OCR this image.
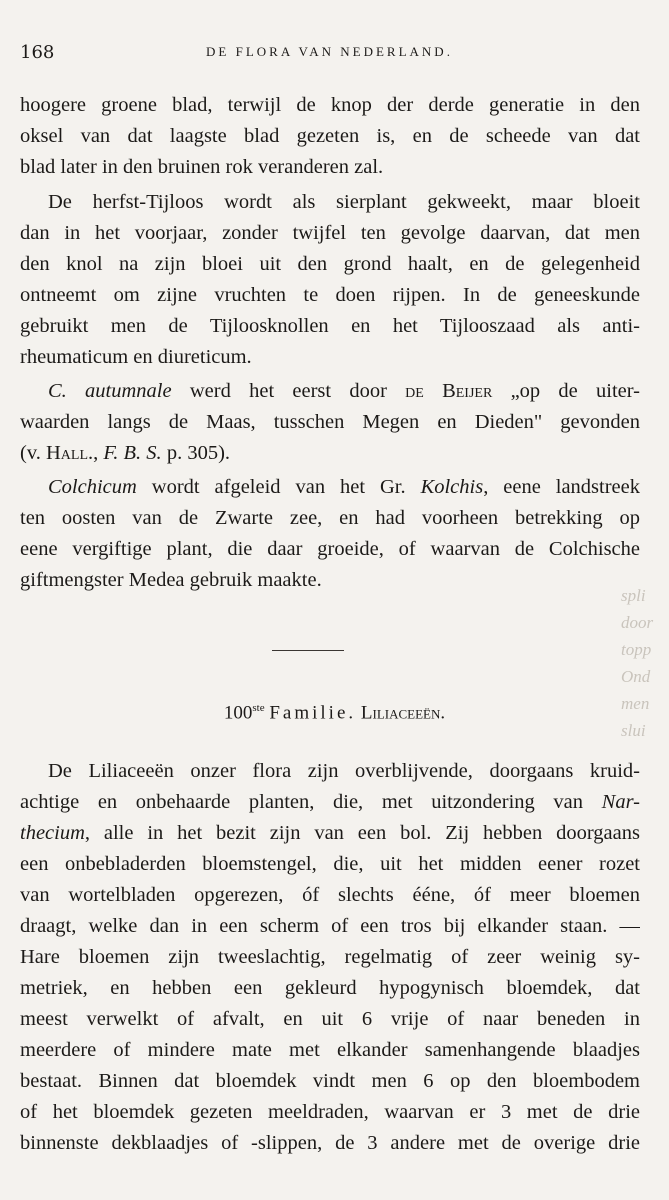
168	DE FLORA VAN NEDERLAND.
hoogere groene blad, terwijl de knop der derde generatie in den
oksel van dat laagste blad gezeten is, en de scheede van dat
blad later in den bruinen rok veranderen zal.
De herfst-Tijloos wordt als sierplant gekweekt, maar bloeit
dan in het voorjaar, zonder twijfel ten gevolge daarvan, dat men
den knol na zijn bloei uit den grond haalt, en de gelegenheid
ontneemt om zijne vruchten te doen rijpen. In de geneeskunde
gebruikt men de Tijloosknollen en het Tijlooszaad als anti-
rheumaticum en diureticum.
C. autumnale werd het eerst door de Beijer „op de uiter-
waarden langs de Maas, tusschen Megen en Dieden" gevonden
(v. Hall., F. B. S. p. 305).
Colchicum wordt afgeleid van het Gr. Kolchis, eene landstreek
ten oosten van de Zwarte zee, en had voorheen betrekking op
eene vergiftige plant, die daar groeide, of waarvan de Colchische
giftmengster Medea gebruik maakte.
100ste Familie. Liliaceeën.
De Liliaceeën onzer flora zijn overblijvende, doorgaans kruid-
achtige en onbehaarde planten, die, met uitzondering van Nar-
thecium, alle in het bezit zijn van een bol. Zij hebben doorgaans
een onbebladerden bloemstengel, die, uit het midden eener rozet
van wortelbladen opgerezen, óf slechts ééne, óf meer bloemen
draagt, welke dan in een scherm of een tros bij elkander staan. —
Hare bloemen zijn tweeslachtig, regelmatig of zeer weinig sy-
metriek, en hebben een gekleurd hypogynisch bloemdek, dat
meest verwelkt of afvalt, en uit 6 vrije of naar beneden in
meerdere of mindere mate met elkander samenhangende blaadjes
bestaat. Binnen dat bloemdek vindt men 6 op den bloembodem
of het bloemdek gezeten meeldraden, waarvan er 3 met de drie
binnenste dekblaadjes of -slippen, de 3 andere met de overige drie
spli
door
topp
Ond
men
slui
